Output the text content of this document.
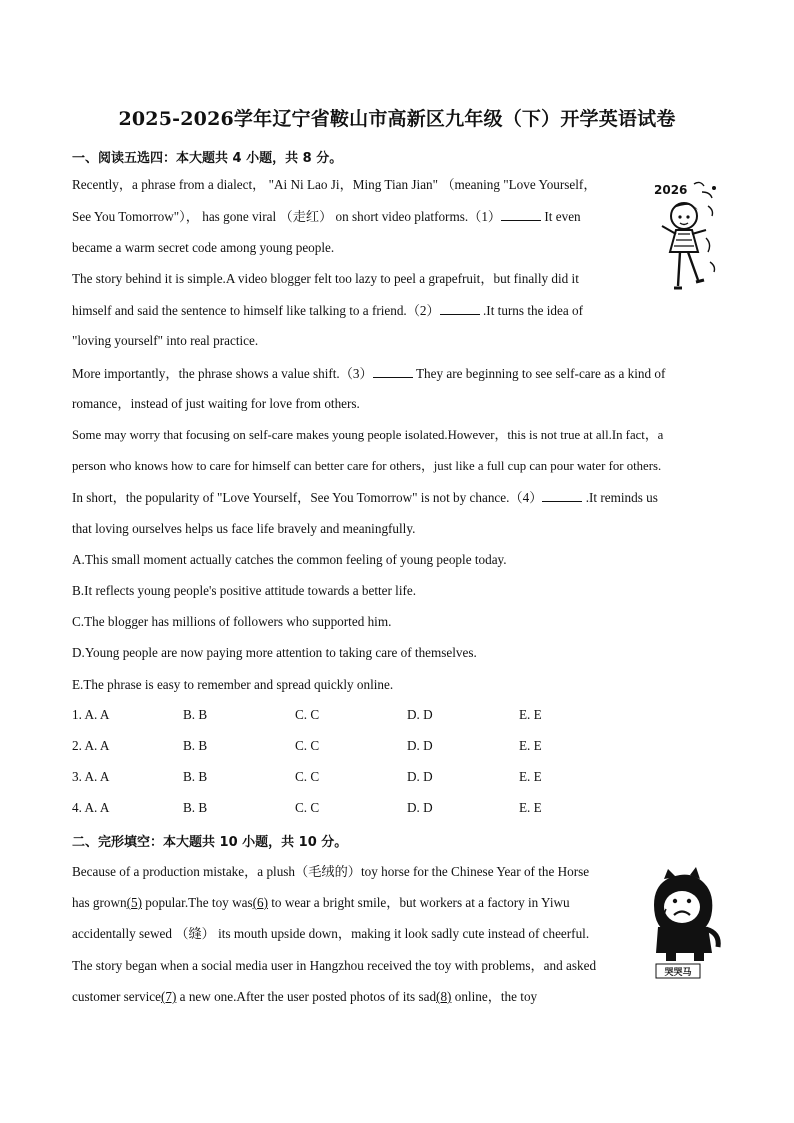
2025-2026学年辽宁省鞍山市高新区九年级（下）开学英语试卷
一、阅读五选四：本大题共 4 小题，共 8 分。
Recently，a phrase from a dialect， "Ai Ni Lao Ji，Ming Tian Jian" （meaning "Love Yourself，
See You Tomorrow"）， has gone viral （走红） on short video platforms.（1）	It even
became a warm secret code among young people.
The story behind it is simple.A video blogger felt too lazy to peel a grapefruit，but finally did it
himself and said the sentence to himself like talking to a friend.（2）	.It turns the idea of
"loving yourself" into real practice.
More importantly，the phrase shows a value shift.（3）	They are beginning to see self-care as a kind of
romance，instead of just waiting for love from others.
Some may worry that focusing on self-care makes young people isolated.However，this is not true at all.In fact，a
person who knows how to care for himself can better care for others，just like a full cup can pour water for others.
In short，the popularity of "Love Yourself，See You Tomorrow" is not by chance.（4）	.It reminds us
that loving ourselves helps us face life bravely and meaningfully.
A.This small moment actually catches the common feeling of young people today.
B.It reflects young people's positive attitude towards a better life.
C.The blogger has millions of followers who supported him.
D.Young people are now paying more attention to taking care of themselves.
E.The phrase is easy to remember and spread quickly online.
1. A. A	B. B	C. C	D. D	E. E
2. A. A	B. B	C. C	D. D	E. E
3. A. A	B. B	C. C	D. D	E. E
4. A. A	B. B	C. C	D. D	E. E
二、完形填空：本大题共 10 小题，共 10 分。
Because of a production mistake，a plush（毛绒的）toy horse for the Chinese Year of the Horse
has grown(5) popular.The toy was(6) to wear a bright smile，but workers at a factory in Yiwu
accidentally sewed （缝） its mouth upside down，making it look sadly cute instead of cheerful.
The story began when a social media user in Hangzhou received the toy with problems，and asked
customer service(7) a new one.After the user posted photos of its sad(8) online，the toy
2026
哭哭马
